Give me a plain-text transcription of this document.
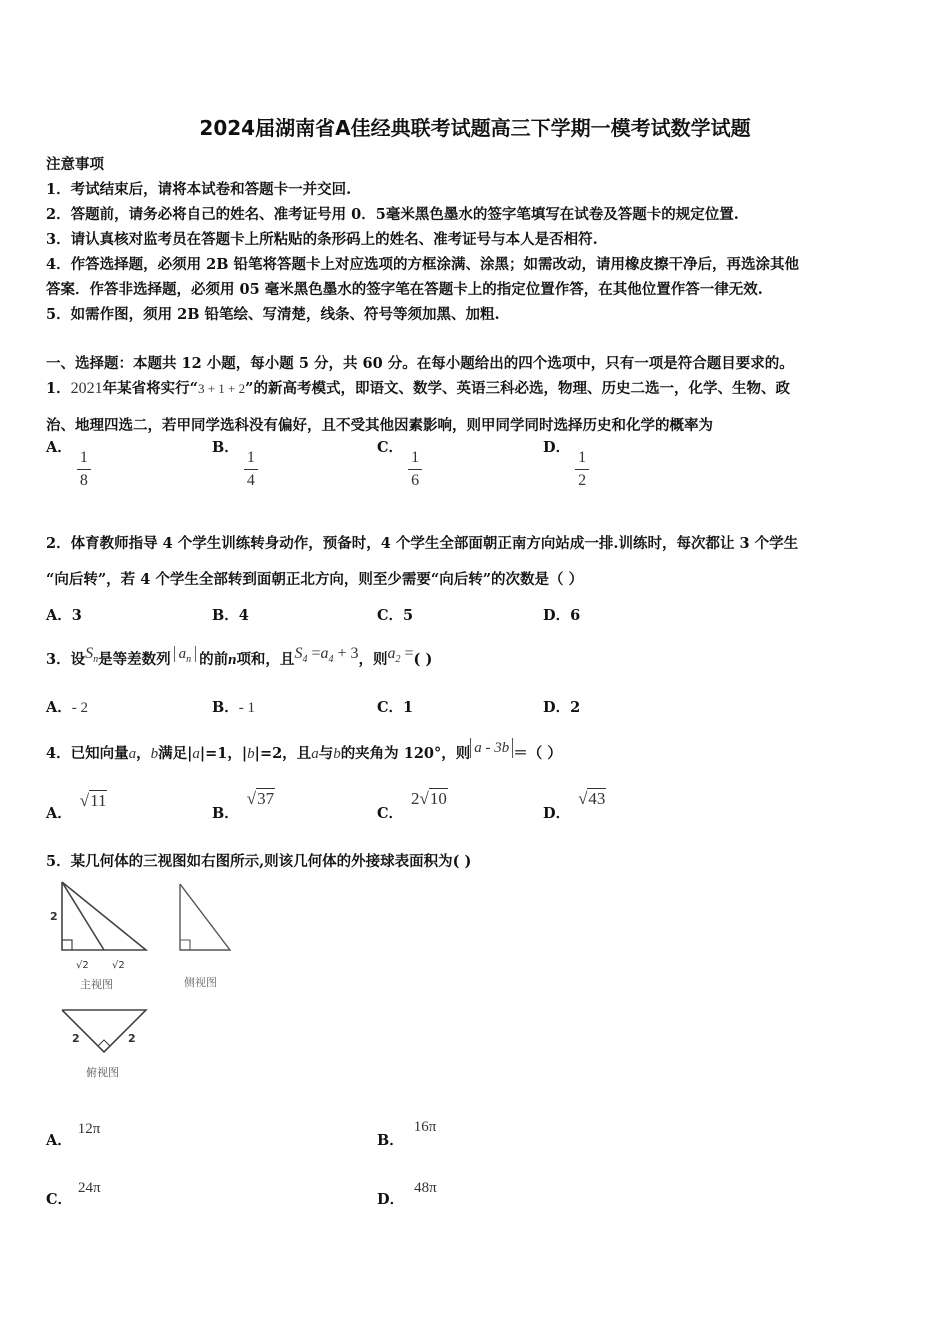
2024届湖南省A佳经典联考试题高三下学期一模考试数学试题
注意事项
1．考试结束后，请将本试卷和答题卡一并交回.
2．答题前，请务必将自己的姓名、准考证号用 0．5毫米黑色墨水的签字笔填写在试卷及答题卡的规定位置.
3．请认真核对监考员在答题卡上所粘贴的条形码上的姓名、准考证号与本人是否相符.
4．作答选择题，必须用 2B 铅笔将答题卡上对应选项的方框涂满、涂黑；如需改动，请用橡皮擦干净后，再选涂其他
答案．作答非选择题，必须用 05 毫米黑色墨水的签字笔在答题卡上的指定位置作答，在其他位置作答一律无效.
5．如需作图，须用 2B 铅笔绘、写清楚，线条、符号等须加黑、加粗.
一、选择题：本题共 12 小题，每小题 5 分，共 60 分。在每小题给出的四个选项中，只有一项是符合题目要求的。
1．2021年某省将实行“3 + 1 + 2”的新高考模式，即语文、数学、英语三科必选，物理、历史二选一，化学、生物、政
治、地理四选二，若甲同学选科没有偏好，且不受其他因素影响，则甲同学同时选择历史和化学的概率为
A．
$\frac{1}{8}$
B．
$\frac{1}{4}$
C．
$\frac{1}{6}$
D．
$\frac{1}{2}$
2．体育教师指导 4 个学生训练转身动作，预备时，4 个学生全部面朝正南方向站成一排.训练时，每次都让 3 个学生
“向后转”，若 4 个学生全部转到面朝正北方向，则至少需要“向后转”的次数是（ ）
A．3	B．4	C．5	D．6
3．设$S_n$是等差数列 $a_n$ 的前n项和，且$S_4 =a_4 + 3$，则$a_2$ =( )
A．- 2	B．- 1	C．1	D．2
4．已知向量a，b满足|a|=1，|b|=2，且a与b的夹角为 120°，则 a - 3b ＝（ ）
A．√11
B．√37
C．2√10
D．√43
5．某几何体的三视图如右图所示,则该几何体的外接球表面积为( )
2
√2 √2
主视图	侧视图
2	2
俯视图
A．12π
B．16π
C．24π
D．48π
